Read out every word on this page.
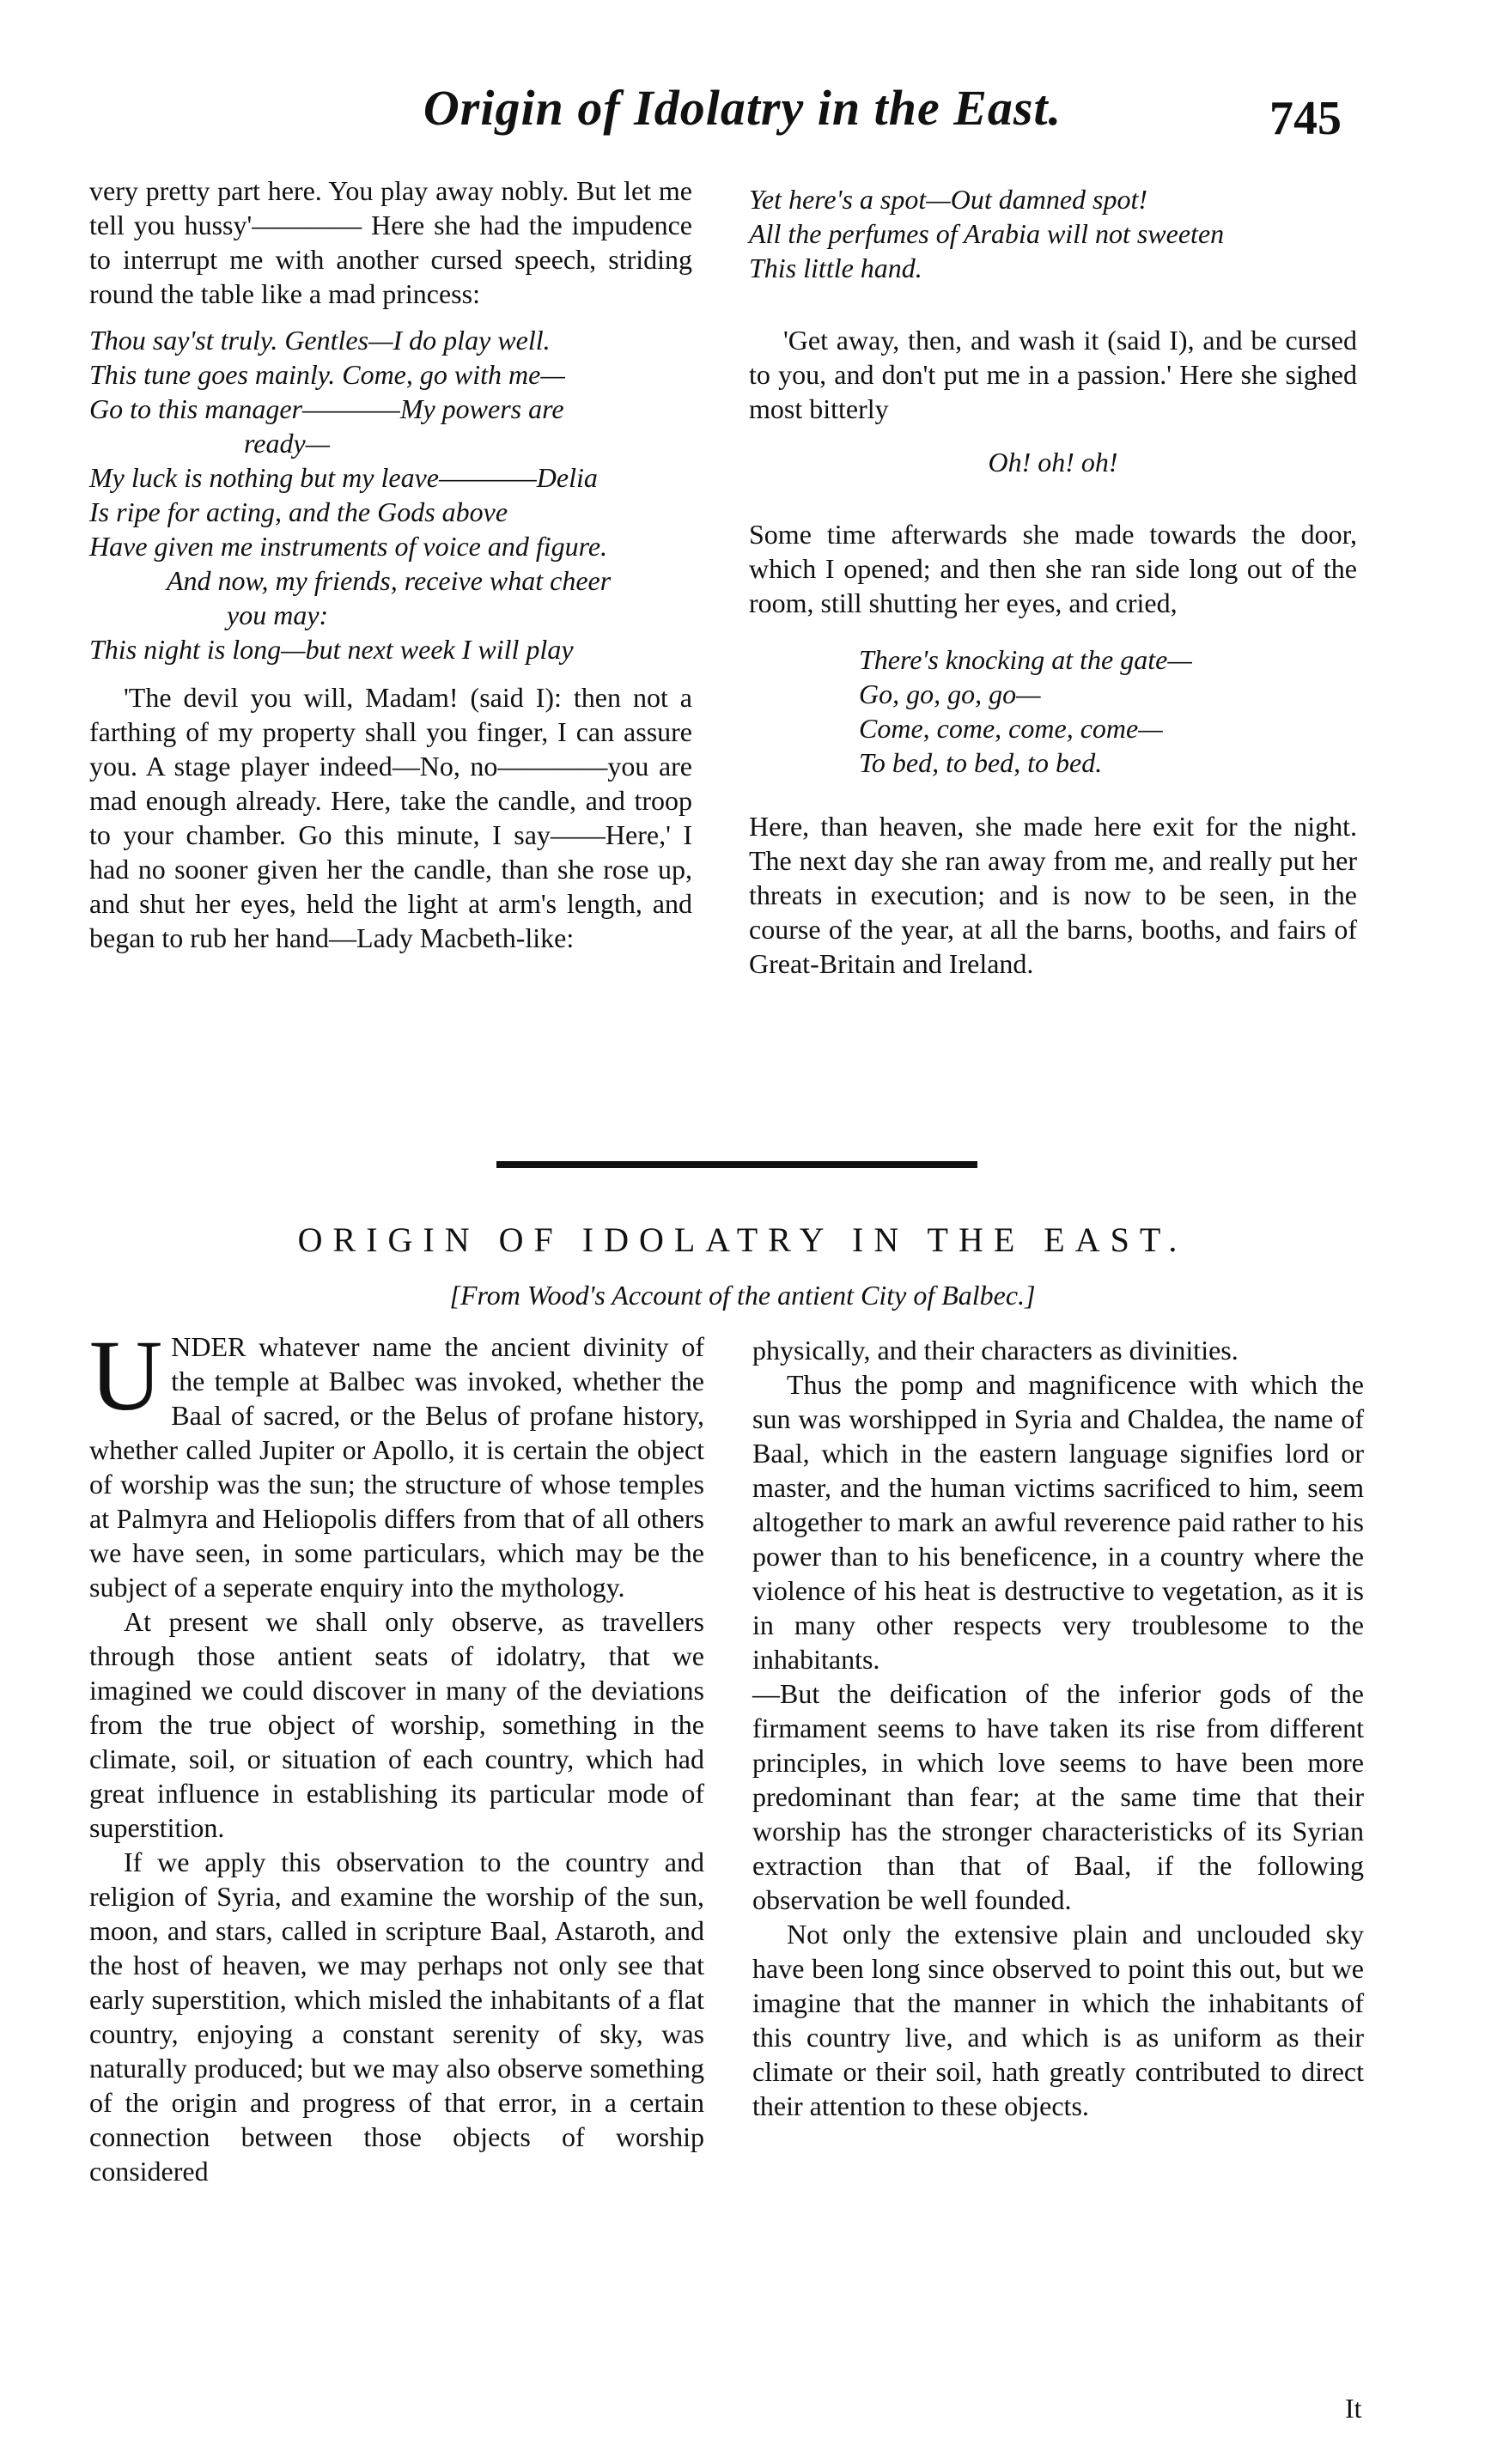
Origin of Idolatry in the East.	745

very pretty part here. You play away nobly. But let me tell you hussy'———— Here she had the impudence to interrupt me with another cursed speech, striding round the table like a mad princess:

Thou say'st truly. Gentles—I do play well.
This tune goes mainly. Come, go with me—
Go to this manager————My powers are
ready—
My luck is nothing but my leave————Delia
Is ripe for acting, and the Gods above
Have given me instruments of voice and figure.
And now, my friends, receive what cheer
you may:
This night is long—but next week I will play

'The devil you will, Madam! (said I): then not a farthing of my property shall you finger, I can assure you. A stage player indeed—No, no————you are mad enough already. Here, take the candle, and troop to your chamber. Go this minute, I say——Here,' I had no sooner given her the candle, than she rose up, and shut her eyes, held the light at arm's length, and began to rub her hand—Lady Macbeth-like:

Yet here's a spot—Out damned spot!
All the perfumes of Arabia will not sweeten
This little hand.

'Get away, then, and wash it (said I), and be cursed to you, and don't put me in a passion.' Here she sighed most bitterly

Oh! oh! oh!

Some time afterwards she made towards the door, which I opened; and then she ran side long out of the room, still shutting her eyes, and cried,

There's knocking at the gate—
Go, go, go, go—
Come, come, come, come—
To bed, to bed, to bed.

Here, than heaven, she made here exit for the night. The next day she ran away from me, and really put her threats in execution; and is now to be seen, in the course of the year, at all the barns, booths, and fairs of Great-Britain and Ireland.

ORIGIN OF IDOLATRY IN THE EAST.
[From Wood's Account of the antient City of Balbec.]

UNDER whatever name the ancient divinity of the temple at Balbec was invoked, whether the Baal of sacred, or the Belus of profane history, whether called Jupiter or Apollo, it is certain the object of worship was the sun; the structure of whose temples at Palmyra and Heliopolis differs from that of all others we have seen, in some particulars, which may be the subject of a seperate enquiry into the mythology.

At present we shall only observe, as travellers through those antient seats of idolatry, that we imagined we could discover in many of the deviations from the true object of worship, something in the climate, soil, or situation of each country, which had great influence in establishing its particular mode of superstition.

If we apply this observation to the country and religion of Syria, and examine the worship of the sun, moon, and stars, called in scripture Baal, Astaroth, and the host of heaven, we may perhaps not only see that early superstition, which misled the inhabitants of a flat country, enjoying a constant serenity of sky, was naturally produced; but we may also observe something of the origin and progress of that error, in a certain connection between those objects of worship considered

physically, and their characters as divinities.

Thus the pomp and magnificence with which the sun was worshipped in Syria and Chaldea, the name of Baal, which in the eastern language signifies lord or master, and the human victims sacrificed to him, seem altogether to mark an awful reverence paid rather to his power than to his beneficence, in a country where the violence of his heat is destructive to vegetation, as it is in many other respects very troublesome to the inhabitants.

—But the deification of the inferior gods of the firmament seems to have taken its rise from different principles, in which love seems to have been more predominant than fear; at the same time that their worship has the stronger characteristicks of its Syrian extraction than that of Baal, if the following observation be well founded.

Not only the extensive plain and unclouded sky have been long since observed to point this out, but we imagine that the manner in which the inhabitants of this country live, and which is as uniform as their climate or their soil, hath greatly contributed to direct their attention to these objects.

It
